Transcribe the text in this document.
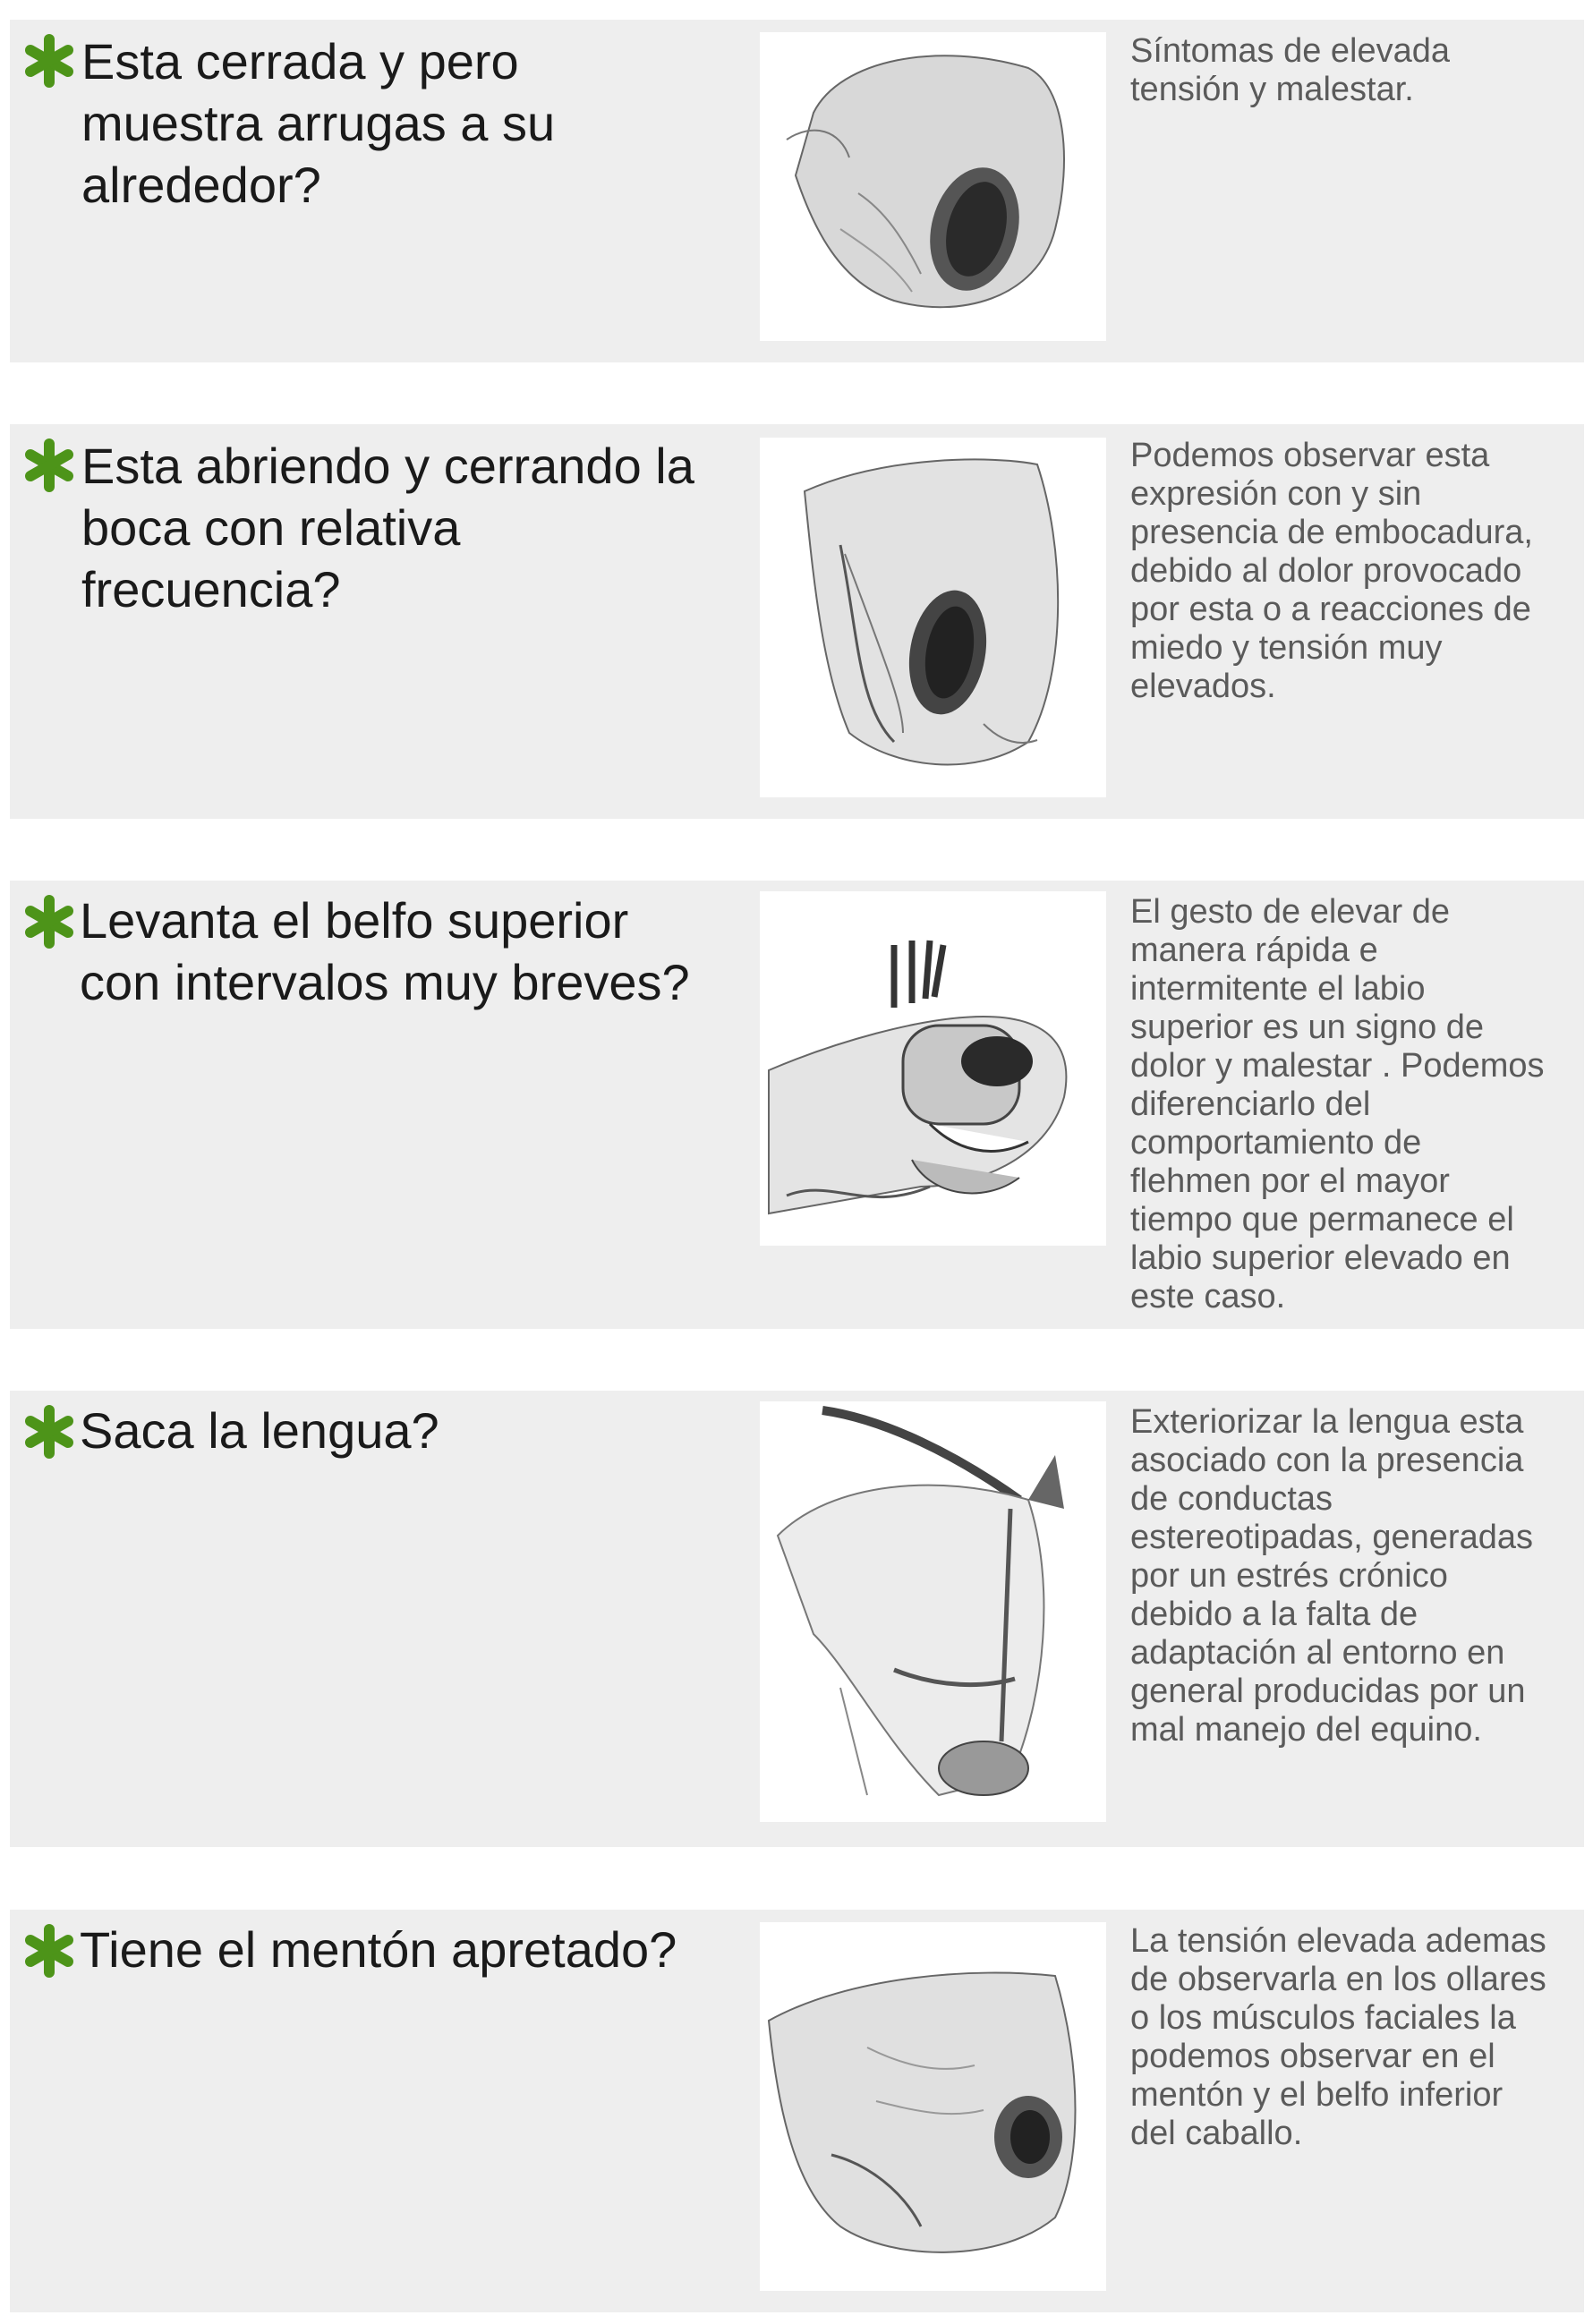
Esta cerrada y pero
muestra arrugas a su
alrededor?
Síntomas de elevada
tensión y malestar.
Esta abriendo y cerrando la
boca con relativa
frecuencia?
Podemos observar esta
expresión con y sin
presencia de embocadura,
debido al dolor provocado
por esta o a reacciones de
miedo y tensión muy
elevados.
Levanta el belfo superior
con intervalos muy breves?
El gesto de elevar de
manera rápida e
intermitente el labio
superior es un signo de
dolor y malestar . Podemos
diferenciarlo del
comportamiento de
flehmen por el mayor
tiempo que permanece el
labio superior elevado en
este caso.
Saca la lengua?	Exteriorizar la lengua esta
asociado con la presencia
de conductas
estereotipadas, generadas
por un estrés crónico
debido a la falta de
adaptación al entorno en
general producidas por un
mal manejo del equino.
Tiene el mentón apretado?	La tensión elevada ademas
de observarla en los ollares
o los músculos faciales la
podemos observar en el
mentón y el belfo inferior
del caballo.
